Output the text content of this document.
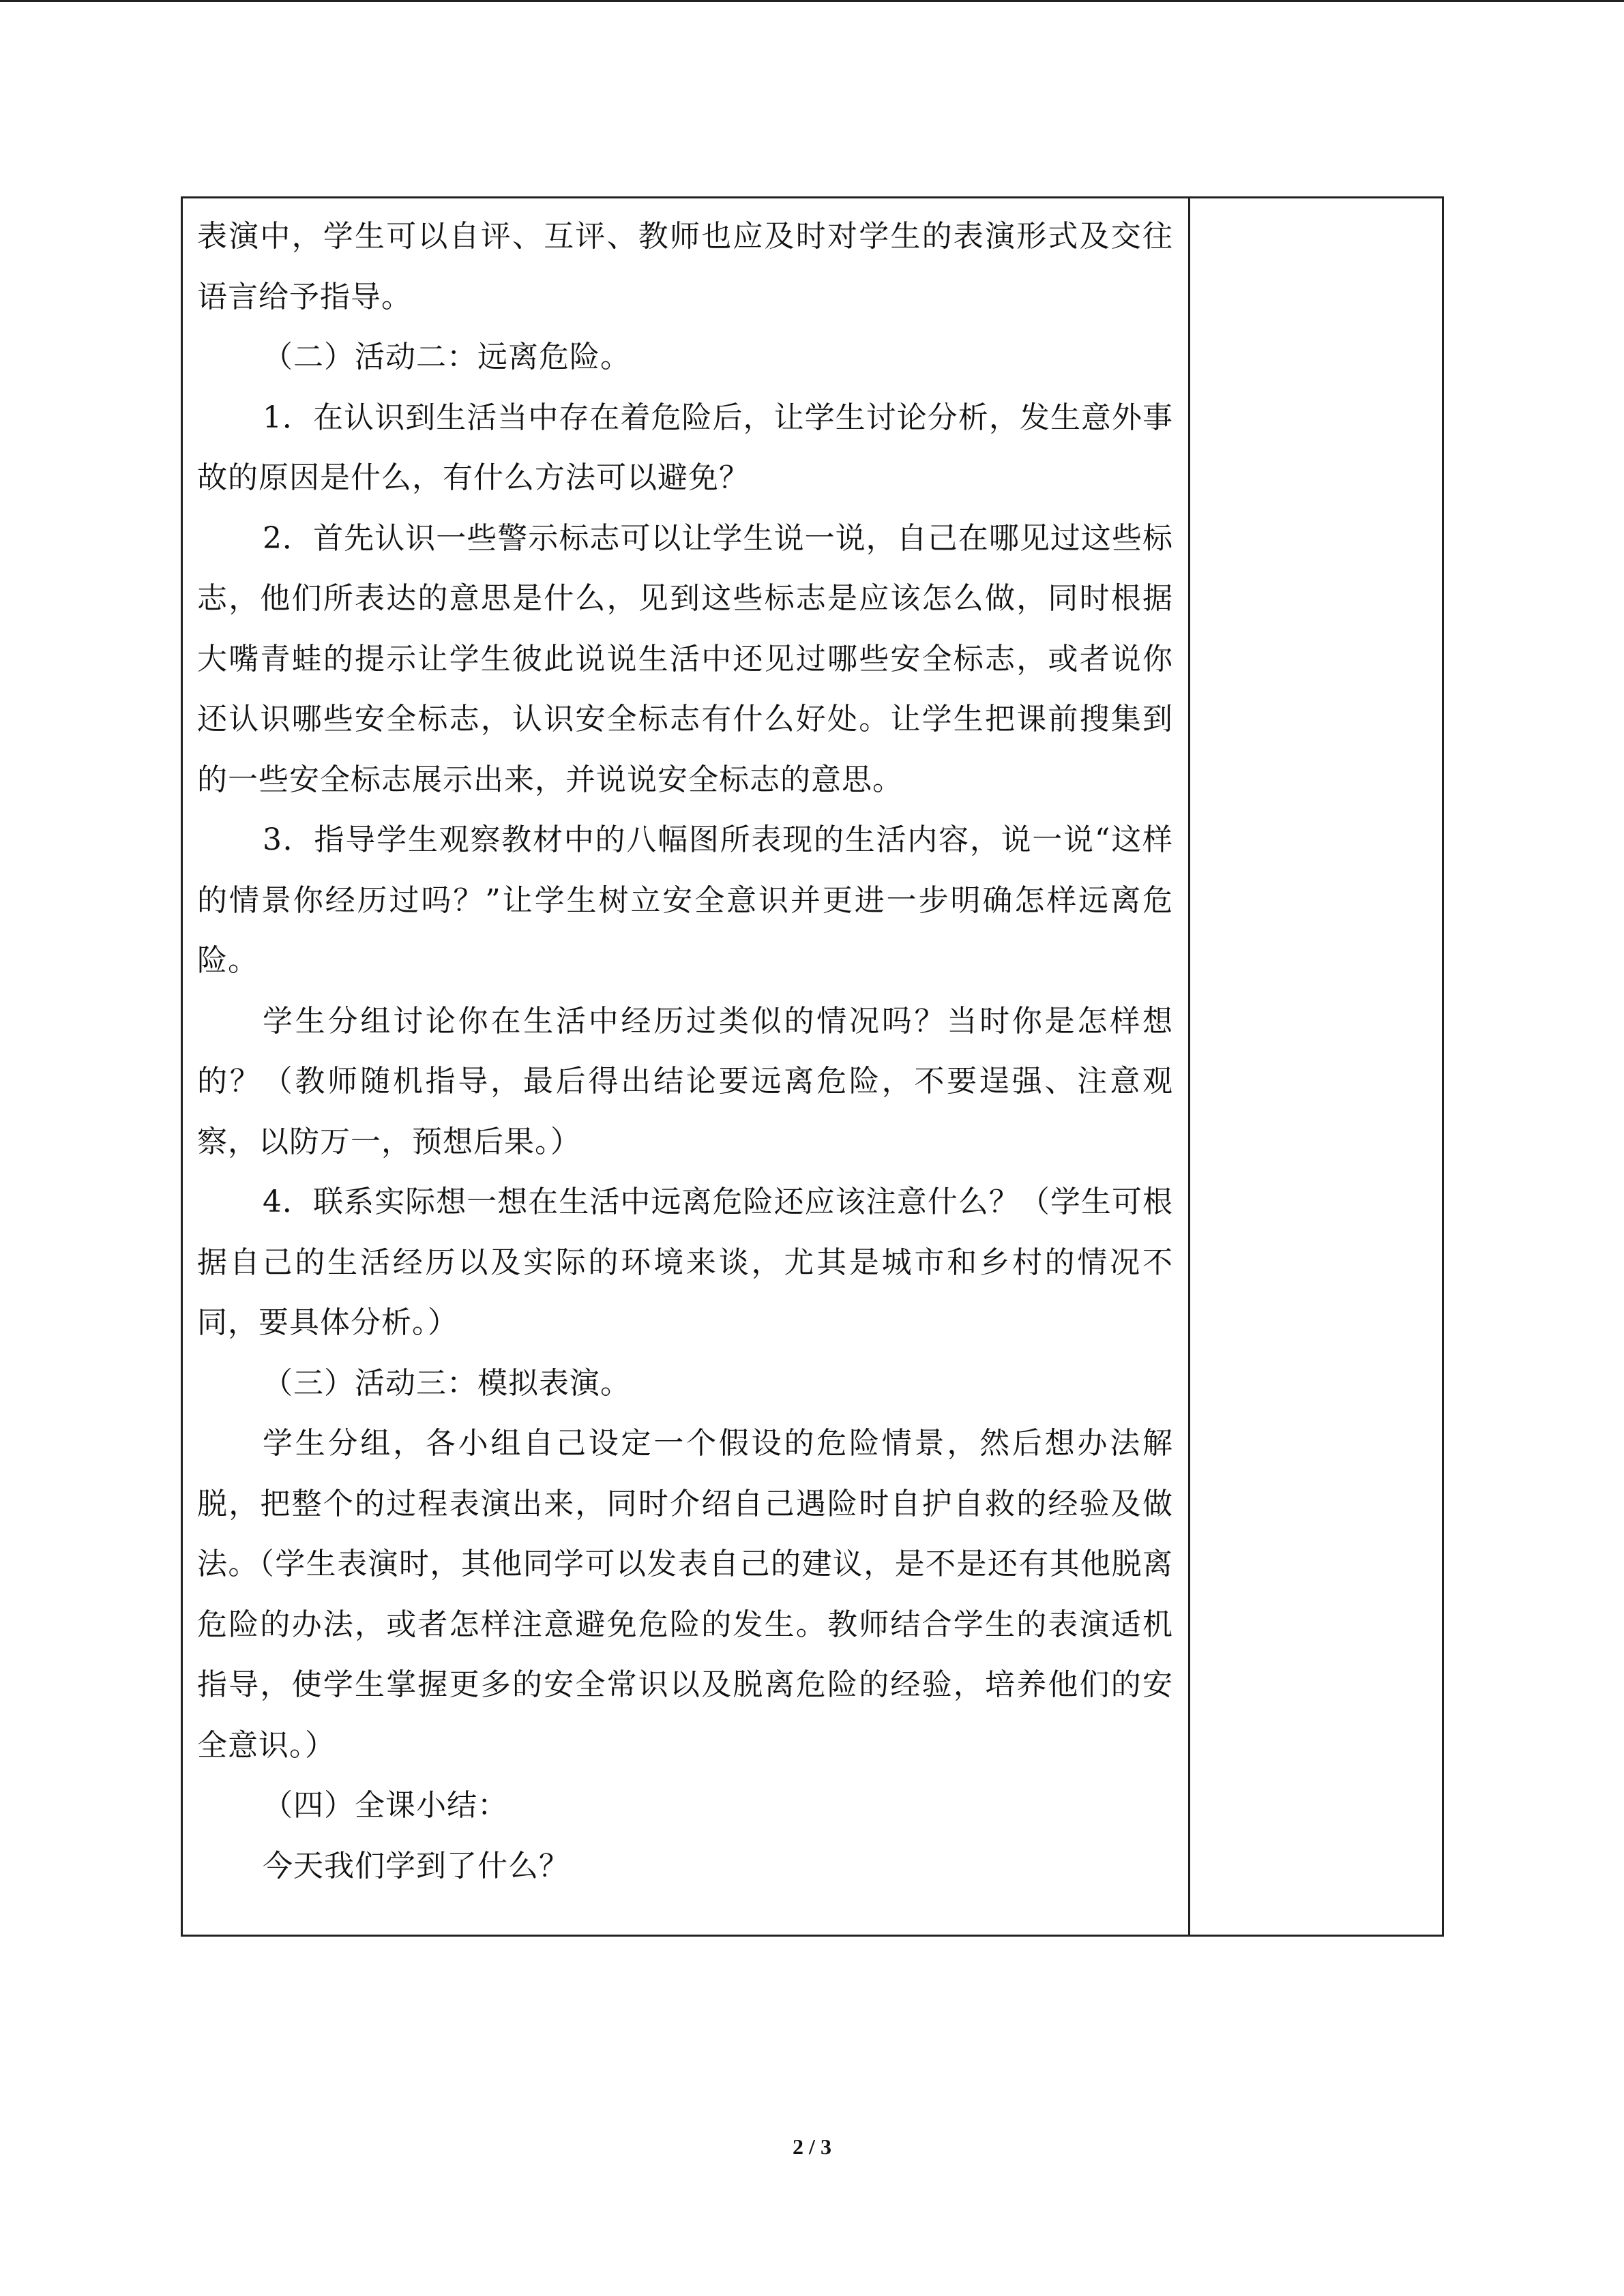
表演中，学生可以自评、互评、教师也应及时对学生的表演形式及交往语言给予指导。

（二）活动二：远离危险。

1．在认识到生活当中存在着危险后，让学生讨论分析，发生意外事故的原因是什么，有什么方法可以避免？

2．首先认识一些警示标志可以让学生说一说，自己在哪见过这些标志，他们所表达的意思是什么，见到这些标志是应该怎么做，同时根据大嘴青蛙的提示让学生彼此说说生活中还见过哪些安全标志，或者说你还认识哪些安全标志，认识安全标志有什么好处。让学生把课前搜集到的一些安全标志展示出来，并说说安全标志的意思。

3．指导学生观察教材中的八幅图所表现的生活内容，说一说“这样的情景你经历过吗？”让学生树立安全意识并更进一步明确怎样远离危险。

学生分组讨论你在生活中经历过类似的情况吗？当时你是怎样想的？（教师随机指导，最后得出结论要远离危险，不要逞强、注意观察，以防万一，预想后果。）

4．联系实际想一想在生活中远离危险还应该注意什么？（学生可根据自己的生活经历以及实际的环境来谈，尤其是城市和乡村的情况不同，要具体分析。）

（三）活动三：模拟表演。

学生分组，各小组自己设定一个假设的危险情景，然后想办法解脱，把整个的过程表演出来，同时介绍自己遇险时自护自救的经验及做法。（学生表演时，其他同学可以发表自己的建议，是不是还有其他脱离危险的办法，或者怎样注意避免危险的发生。教师结合学生的表演适机指导，使学生掌握更多的安全常识以及脱离危险的经验，培养他们的安全意识。）

（四）全课小结：

今天我们学到了什么？

2 / 3
